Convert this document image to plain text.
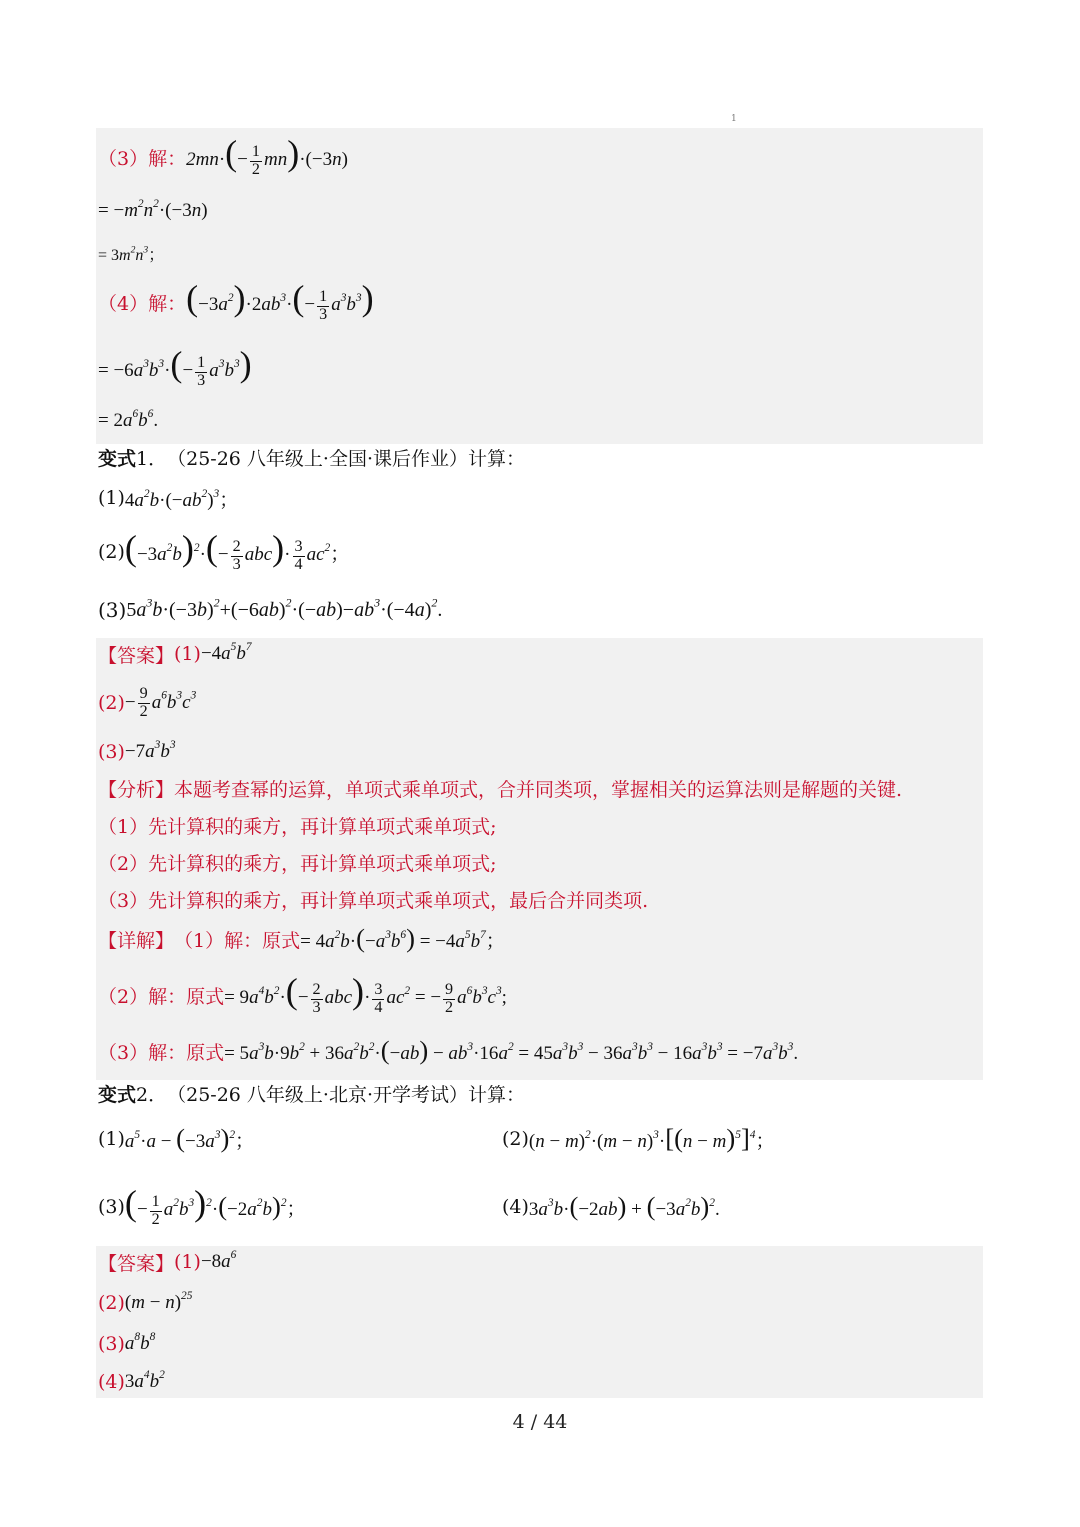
1
（3）解： $2mn\cdot(- \frac{1}{2} mn)\cdot(-3n)$
= $-m^2n^2\cdot(-3n)$
= $3m^2n^3$；
（4）解： $(-3a^2)\cdot 2ab^3\cdot(- \frac{1}{3} a^3b^3)$
= $-6a^3b^3\cdot(- \frac{1}{3} a^3b^3)$
= $2a^6b^6$.
变式 1． （25-26 八年级上·全国·课后作业）计算：
(1) $4a^2b\cdot(-ab^2)^3$；
(2) $(-3a^2b)^2\cdot(- \frac{2}{3} abc)\cdot \frac{3}{4} ac^2$；
(3) $5a^3b\cdot(-3b)^2+(-6ab)^2\cdot(-ab)-ab^3\cdot(-4a)^2$.
【答案】 $(1) -4a^5b^7$
$(2) - \frac{9}{2} a^6b^3c^3$
$(3) -7a^3b^3$
【分析】 本题考查幂的运算，单项式乘单项式，合并同类项，掌握相关的运算法则是解题的关键.
（1）先计算积的乘方，再计算单项式乘单项式;
（2）先计算积的乘方，再计算单项式乘单项式;
（3）先计算积的乘方，再计算单项式乘单项式，最后合并同类项.
【详解】 （1）解：原式 = $4a^2b\cdot(-a^3b^6) = -4a^5b^7$；
（2）解：原式 = $9a^4b^2\cdot(- \frac{2}{3} abc)\cdot \frac{3}{4} ac^2$ = − $\frac{9}{2} a^6b^3c^3$;
（3）解：原式 = $5a^3b\cdot 9b^2 + 36a^2b^2\cdot(-ab) - ab^3\cdot 16a^2 = 45a^3b^3 - 36a^3b^3 - 16a^3b^3 = -7a^3b^3$.
变式 2． （25-26 八年级上·北京·开学考试）计算：
(1) $a^5\cdot a - (-3a^3)^2$；	(2) $(n - m)^2\cdot(m - n)^3\cdot[(n - m)^5]^4$；
(3) (− $\frac{1}{2} a^2b^3)^2\cdot(-2a^2b)^2$；	(4) $3a^3b\cdot(-2ab) + (-3a^2b)^2$.
【答案】 $(1) -8a^6$
(2) $(m - n)^{25}$
(3) $a^8b^8$
(4) $3a^4b^2$
4 / 44
